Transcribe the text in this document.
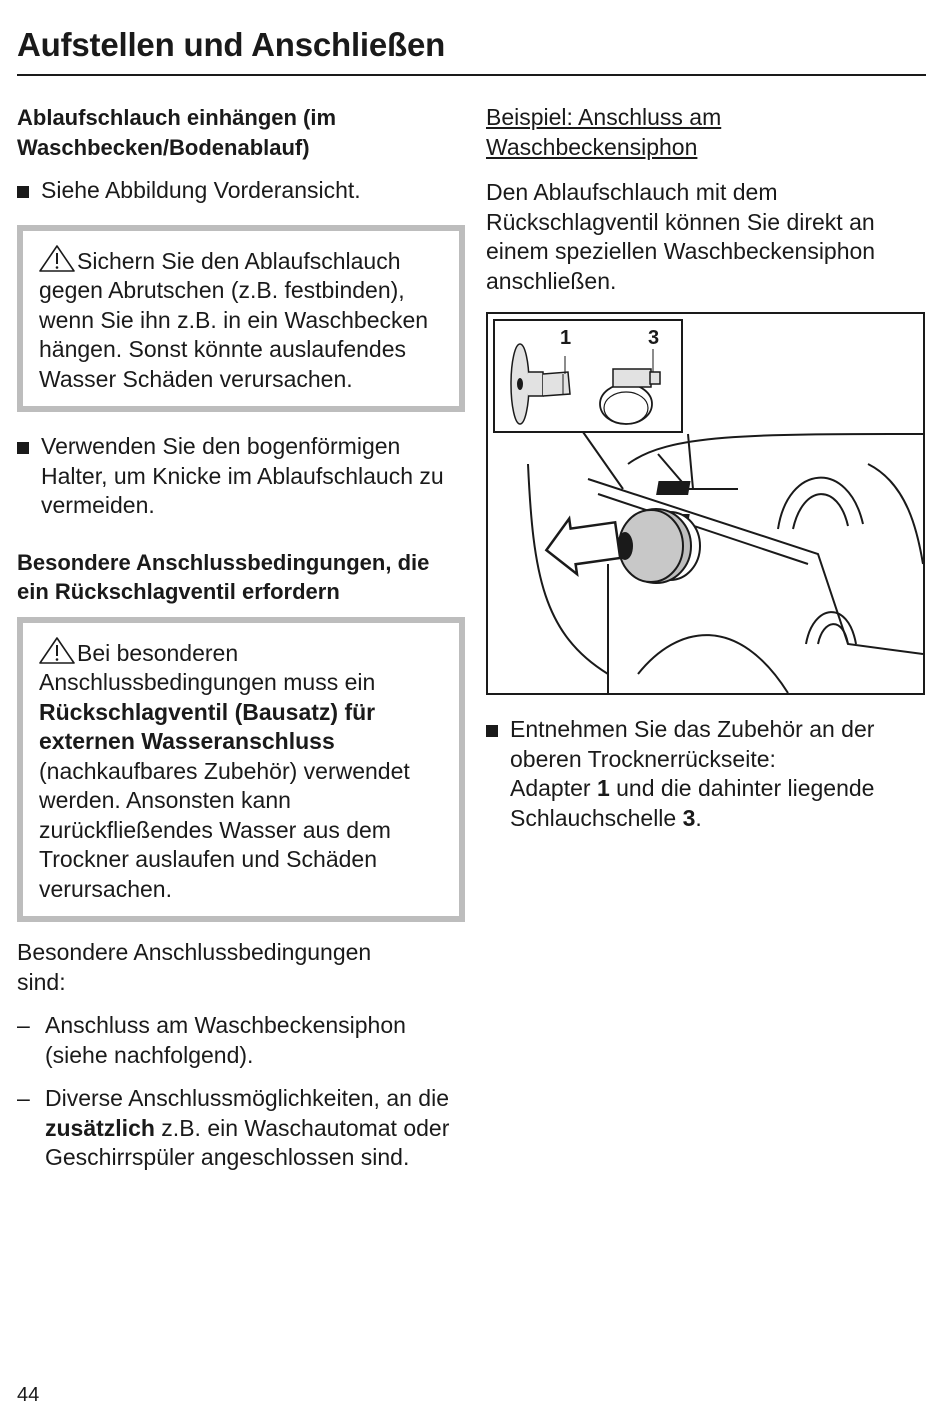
Aufstellen und Anschließen
Ablaufschlauch einhängen (im Waschbecken/Bodenablauf)
Siehe Abbildung Vorderansicht.
Sichern Sie den Ablaufschlauch gegen Abrutschen (z.B. festbinden), wenn Sie ihn z.B. in ein Waschbecken hängen. Sonst könnte auslaufendes Wasser Schäden verursachen.
Verwenden Sie den bogenförmigen Halter, um Knicke im Ablaufschlauch zu vermeiden.
Besondere Anschlussbedingungen, die ein Rückschlagventil erfordern
Bei besonderen Anschlussbedingungen muss ein Rückschlagventil (Bausatz) für externen Wasseranschluss (nachkaufbares Zubehör) verwendet werden. Ansonsten kann zurückfließendes Wasser aus dem Trockner auslaufen und Schäden verursachen.
Besondere Anschlussbedingungen sind:
– Anschluss am Waschbeckensiphon (siehe nachfolgend).
– Diverse Anschlussmöglichkeiten, an die zusätzlich z.B. ein Waschautomat oder Geschirrspüler angeschlossen sind.
Beispiel: Anschluss am Waschbeckensiphon
Den Ablaufschlauch mit dem Rückschlagventil können Sie direkt an einem speziellen Waschbeckensiphon anschließen.
1	3
Entnehmen Sie das Zubehör an der oberen Trocknerrückseite:
Adapter 1 und die dahinter liegende Schlauchschelle 3.
44
